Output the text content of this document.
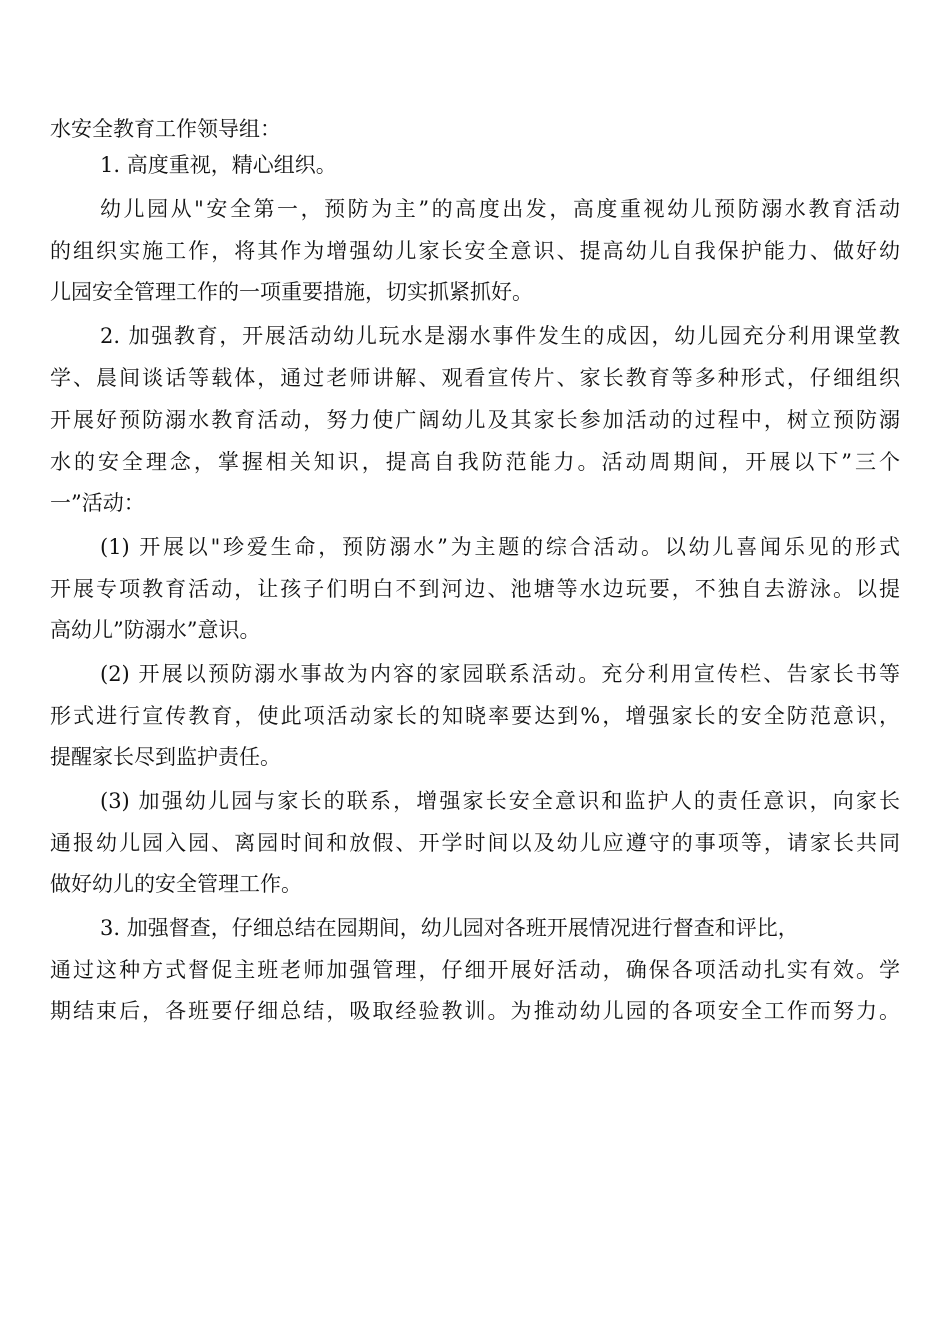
水安全教育工作领导组：

1. 高度重视，精心组织。

幼儿园从"安全第一，预防为主”的高度出发，高度重视幼儿预防溺水教育活动

的组织实施工作，将其作为增强幼儿家长安全意识、提高幼儿自我保护能力、做好幼

儿园安全管理工作的一项重要措施，切实抓紧抓好。

2. 加强教育，开展活动幼儿玩水是溺水事件发生的成因，幼儿园充分利用课堂教

学、晨间谈话等载体，通过老师讲解、观看宣传片、家长教育等多种形式，仔细组织

开展好预防溺水教育活动，努力使广阔幼儿及其家长参加活动的过程中，树立预防溺

水的安全理念，掌握相关知识，提高自我防范能力。活动周期间，开展以下”三个

一”活动：

(1) 开展以"珍爱生命，预防溺水”为主题的综合活动。以幼儿喜闻乐见的形式

开展专项教育活动，让孩子们明白不到河边、池塘等水边玩要，不独自去游泳。以提

高幼儿”防溺水”意识。

(2) 开展以预防溺水事故为内容的家园联系活动。充分利用宣传栏、告家长书等

形式进行宣传教育，使此项活动家长的知晓率要达到%，增强家长的安全防范意识，

提醒家长尽到监护责任。

(3) 加强幼儿园与家长的联系，增强家长安全意识和监护人的责任意识，向家长

通报幼儿园入园、离园时间和放假、开学时间以及幼儿应遵守的事项等，请家长共同

做好幼儿的安全管理工作。

3. 加强督查，仔细总结在园期间，幼儿园对各班开展情况进行督查和评比，

通过这种方式督促主班老师加强管理，仔细开展好活动，确保各项活动扎实有效。学

期结束后，各班要仔细总结，吸取经验教训。为推动幼儿园的各项安全工作而努力。
